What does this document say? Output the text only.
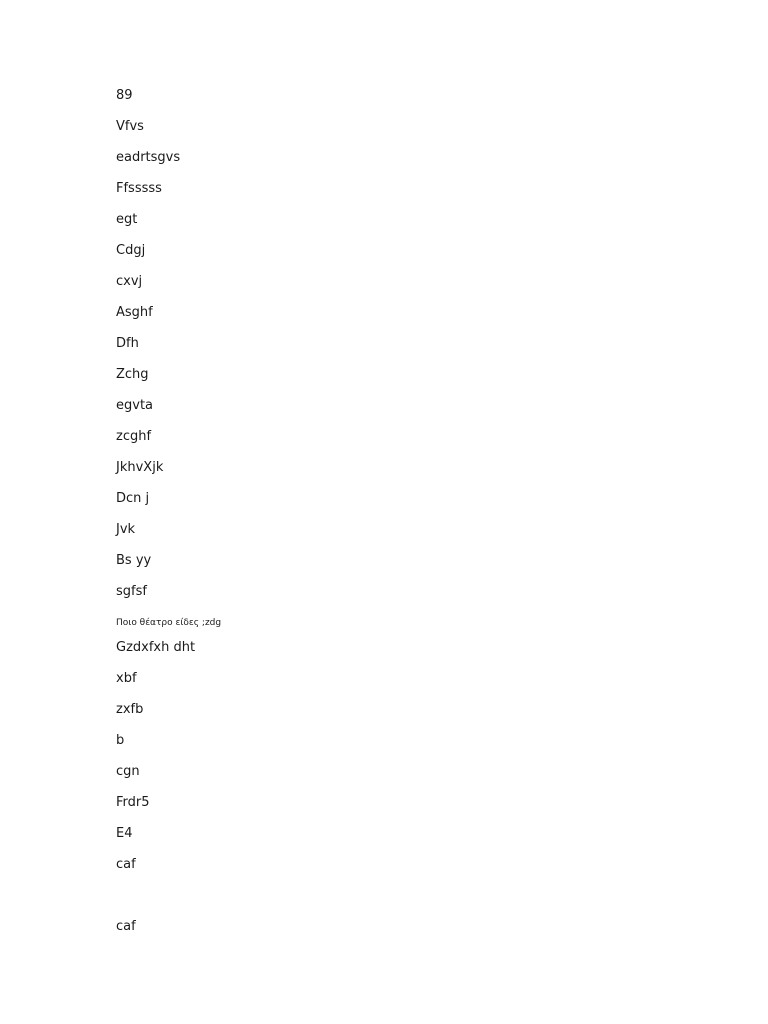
89
Vfvs
eadrtsgvs
Ffsssss
egt
Cdgj
cxvj
Asghf
Dfh
Zchg
egvta
zcghf
JkhvXjk
Dcn j
Jvk
Bs yy
sgfsf
Ποιο θέατρο είδες ;zdg
Gzdxfxh dht
xbf
zxfb
b
cgn
Frdr5
E4
caf
caf
